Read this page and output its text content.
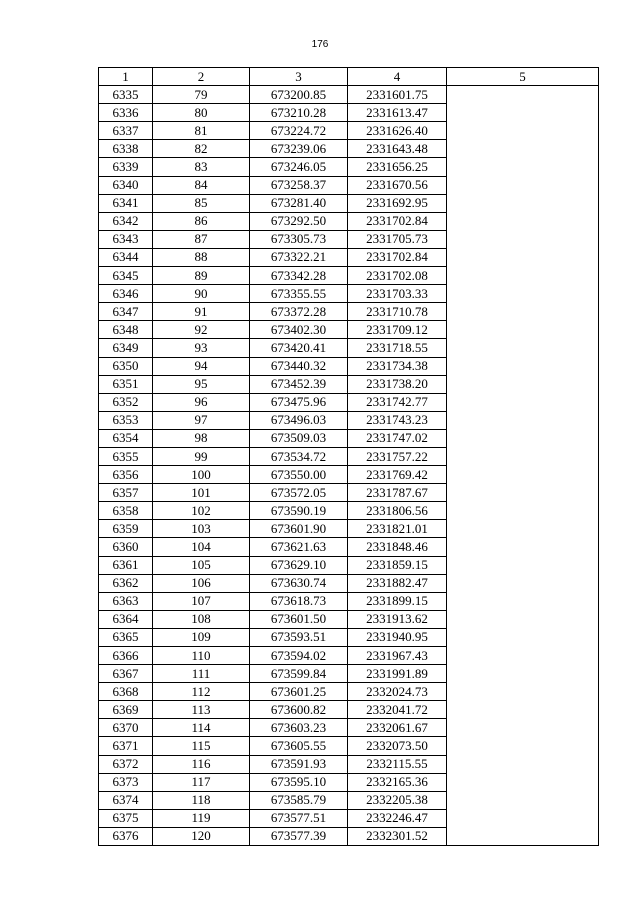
176
1	2	3	4	5
6335	79	673200.85	2331601.75	
6336	80	673210.28	2331613.47	
6337	81	673224.72	2331626.40	
6338	82	673239.06	2331643.48	
6339	83	673246.05	2331656.25	
6340	84	673258.37	2331670.56	
6341	85	673281.40	2331692.95	
6342	86	673292.50	2331702.84	
6343	87	673305.73	2331705.73	
6344	88	673322.21	2331702.84	
6345	89	673342.28	2331702.08	
6346	90	673355.55	2331703.33	
6347	91	673372.28	2331710.78	
6348	92	673402.30	2331709.12	
6349	93	673420.41	2331718.55	
6350	94	673440.32	2331734.38	
6351	95	673452.39	2331738.20	
6352	96	673475.96	2331742.77	
6353	97	673496.03	2331743.23	
6354	98	673509.03	2331747.02	
6355	99	673534.72	2331757.22	
6356	100	673550.00	2331769.42	
6357	101	673572.05	2331787.67	
6358	102	673590.19	2331806.56	
6359	103	673601.90	2331821.01	
6360	104	673621.63	2331848.46	
6361	105	673629.10	2331859.15	
6362	106	673630.74	2331882.47	
6363	107	673618.73	2331899.15	
6364	108	673601.50	2331913.62	
6365	109	673593.51	2331940.95	
6366	110	673594.02	2331967.43	
6367	111	673599.84	2331991.89	
6368	112	673601.25	2332024.73	
6369	113	673600.82	2332041.72	
6370	114	673603.23	2332061.67	
6371	115	673605.55	2332073.50	
6372	116	673591.93	2332115.55	
6373	117	673595.10	2332165.36	
6374	118	673585.79	2332205.38	
6375	119	673577.51	2332246.47	
6376	120	673577.39	2332301.52	
